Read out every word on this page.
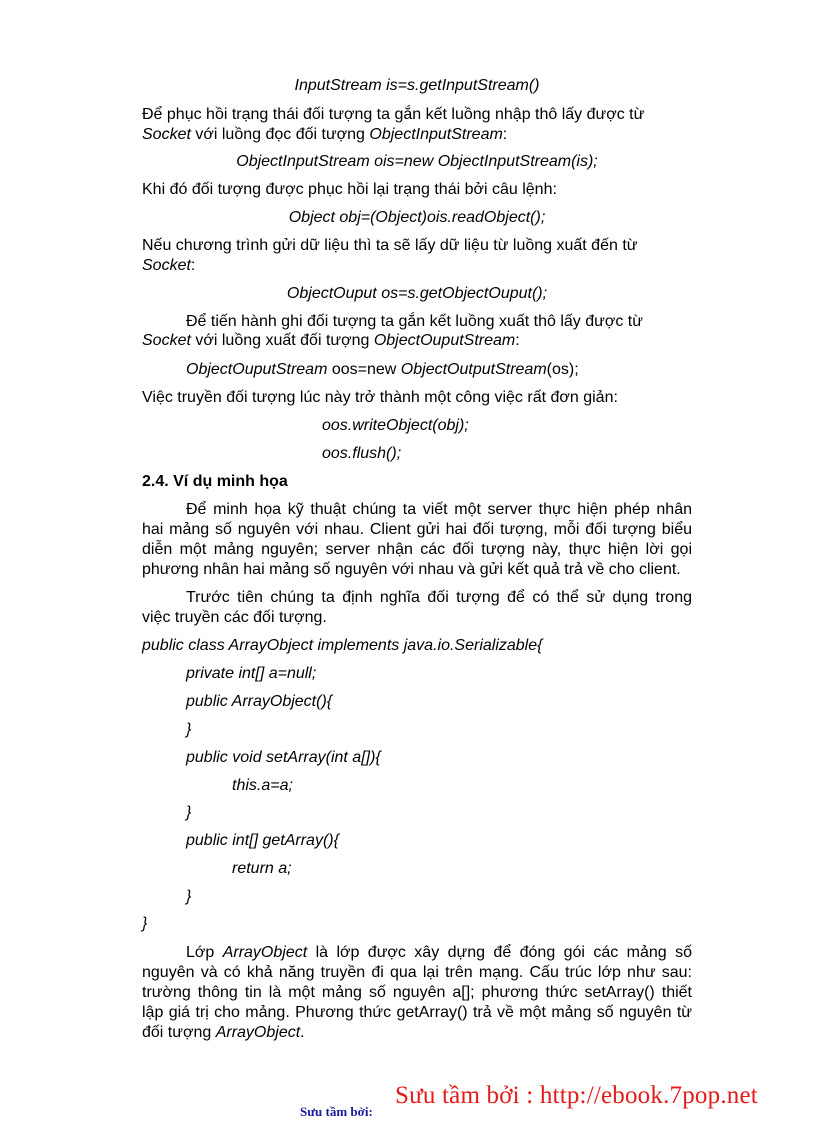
InputStream is=s.getInputStream()
Để phục hồi trạng thái đối tượng ta gắn kết luồng nhập thô lấy được từ
Socket với luồng đọc đối tượng ObjectInputStream:
ObjectInputStream ois=new ObjectInputStream(is);
Khi đó đối tượng được phục hồi lại trạng thái bởi câu lệnh:
Object obj=(Object)ois.readObject();
Nếu chương trình gửi dữ liệu thì ta sẽ lấy dữ liệu từ luồng xuất đến từ
Socket:
ObjectOuput os=s.getObjectOuput();
Để tiến hành ghi đối tượng ta gắn kết luồng xuất thô lấy được từ
Socket với luồng xuất đối tượng ObjectOuputStream:
ObjectOuputStream oos=new ObjectOutputStream(os);
Việc truyền đối tượng lúc này trở thành một công việc rất đơn giản:
oos.writeObject(obj);
oos.flush();
2.4. Ví dụ minh họa
Để minh họa kỹ thuật chúng ta viết một server thực hiện phép nhân
hai mảng số nguyên với nhau. Client gửi hai đối tượng, mỗi đối tượng biểu
diễn một mảng nguyên; server nhận các đối tượng này, thực hiện lời gọi
phương nhân hai mảng số nguyên với nhau và gửi kết quả trả về cho client.
Trước tiên chúng ta định nghĩa đối tượng để có thể sử dụng trong
việc truyền các đối tượng.
public class ArrayObject implements java.io.Serializable{
private int[] a=null;
public ArrayObject(){
}
public void setArray(int a[]){
this.a=a;
}
public int[] getArray(){
return a;
}
}
Lớp ArrayObject là lớp được xây dựng để đóng gói các mảng số
nguyên và có khả năng truyền đi qua lại trên mạng. Cấu trúc lớp như sau:
trường thông tin là một mảng số nguyên a[]; phương thức setArray() thiết
lập giá trị cho mảng. Phương thức getArray() trả về một mảng số nguyên từ
đối tượng ArrayObject.
Sưu tầm bởi:
Sưu tầm bởi : http://ebook.7pop.net
